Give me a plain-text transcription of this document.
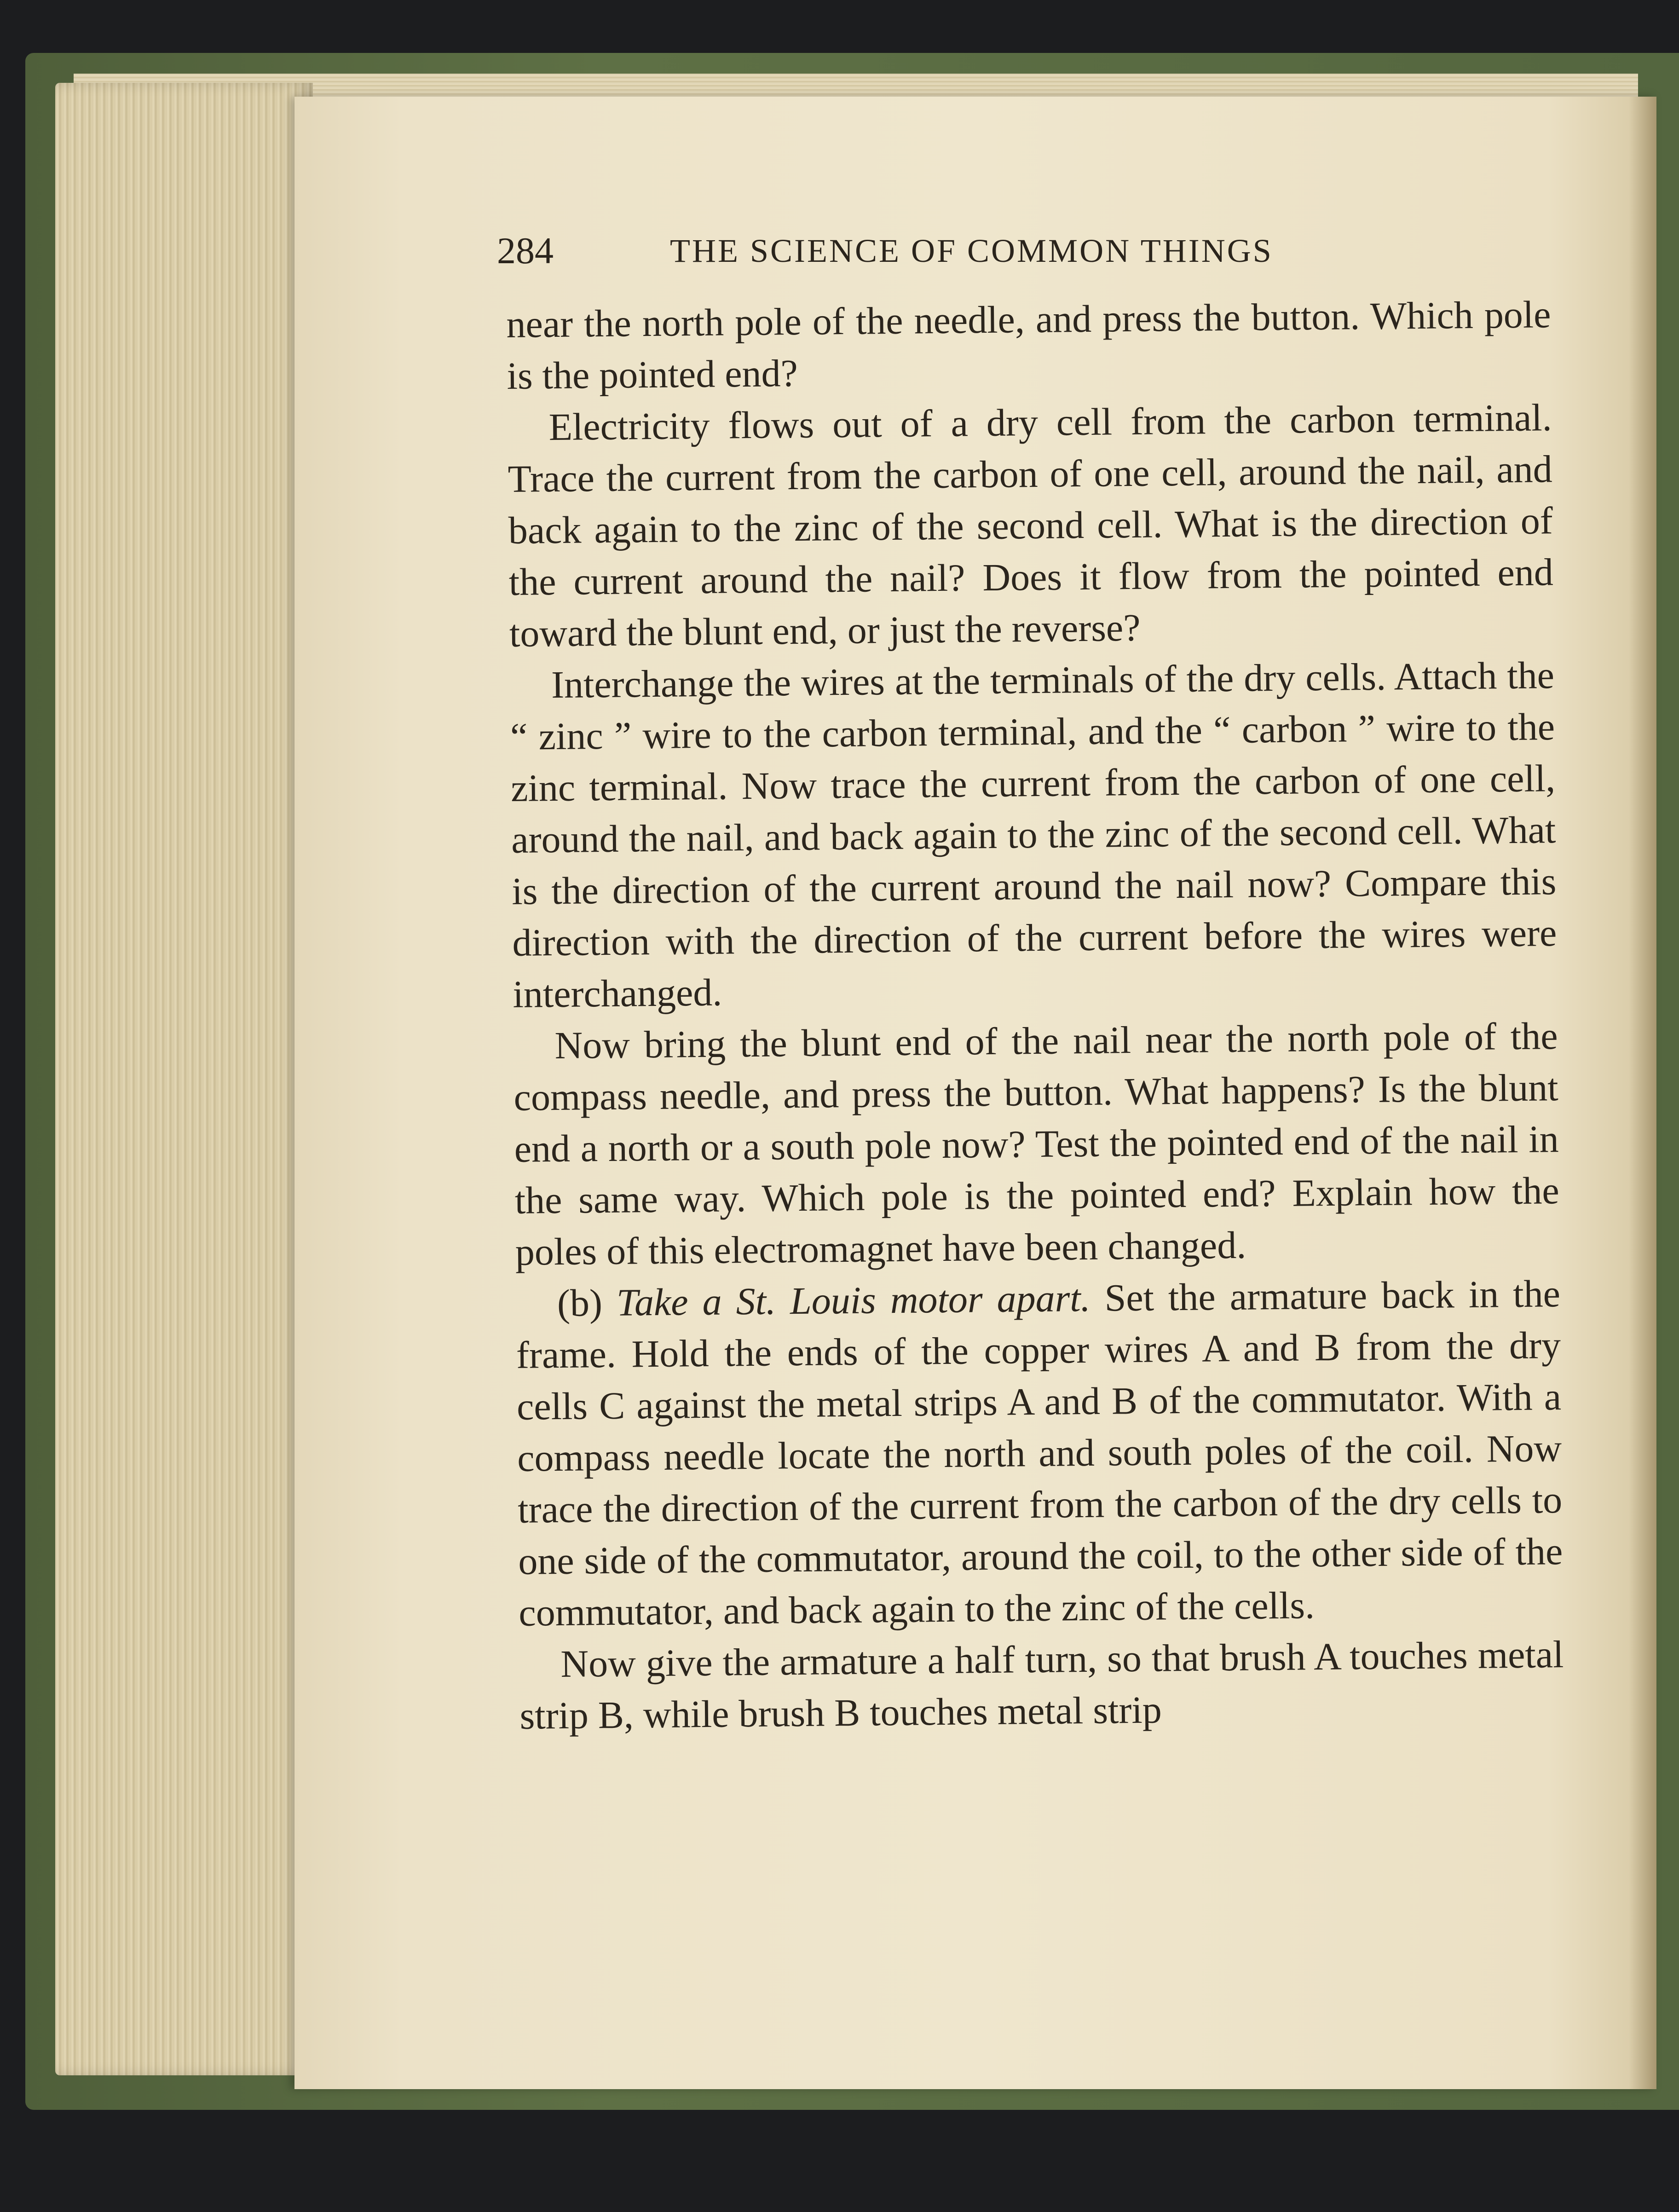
284	THE SCIENCE OF COMMON THINGS

near the north pole of the needle, and press the button. Which pole is the pointed end?

Electricity flows out of a dry cell from the carbon terminal. Trace the current from the carbon of one cell, around the nail, and back again to the zinc of the second cell. What is the direction of the current around the nail? Does it flow from the pointed end toward the blunt end, or just the reverse?

Interchange the wires at the terminals of the dry cells. Attach the “ zinc ” wire to the carbon terminal, and the “ carbon ” wire to the zinc terminal. Now trace the current from the carbon of one cell, around the nail, and back again to the zinc of the second cell. What is the direction of the current around the nail now? Compare this direction with the direction of the current before the wires were interchanged.

Now bring the blunt end of the nail near the north pole of the compass needle, and press the button. What happens? Is the blunt end a north or a south pole now? Test the pointed end of the nail in the same way. Which pole is the pointed end? Explain how the poles of this electromagnet have been changed.

(b) Take a St. Louis motor apart. Set the armature back in the frame. Hold the ends of the copper wires A and B from the dry cells C against the metal strips A and B of the commutator. With a compass needle locate the north and south poles of the coil. Now trace the direction of the current from the carbon of the dry cells to one side of the commutator, around the coil, to the other side of the commutator, and back again to the zinc of the cells.

Now give the armature a half turn, so that brush A touches metal strip B, while brush B touches metal strip
